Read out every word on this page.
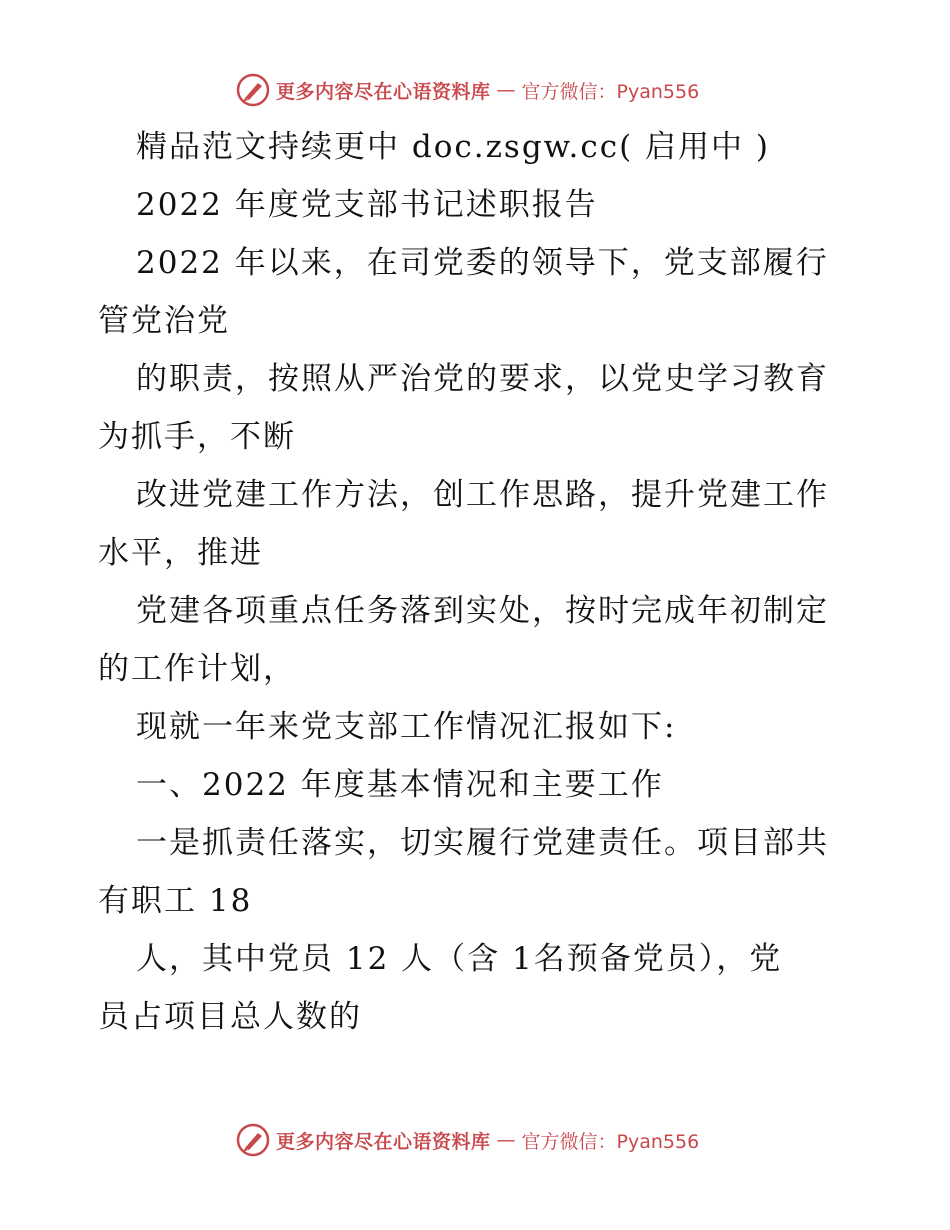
更多内容尽在心语资料库 — 官方微信：Pyan556
精品范文持续更中 doc.zsgw.cc( 启用中 )
2022 年度党支部书记述职报告
2022 年以来，在司党委的领导下，党支部履行
管党治党
的职责，按照从严治党的要求，以党史学习教育
为抓手，不断
改进党建工作方法，创工作思路，提升党建工作
水平，推进
党建各项重点任务落到实处，按时完成年初制定
的工作计划，
现就一年来党支部工作情况汇报如下:
一、2022 年度基本情况和主要工作
一是抓责任落实，切实履行党建责任。项目部共
有职工 18
人，其中党员 12 人（含 1名预备党员），党
员占项目总人数的
更多内容尽在心语资料库 — 官方微信：Pyan556
